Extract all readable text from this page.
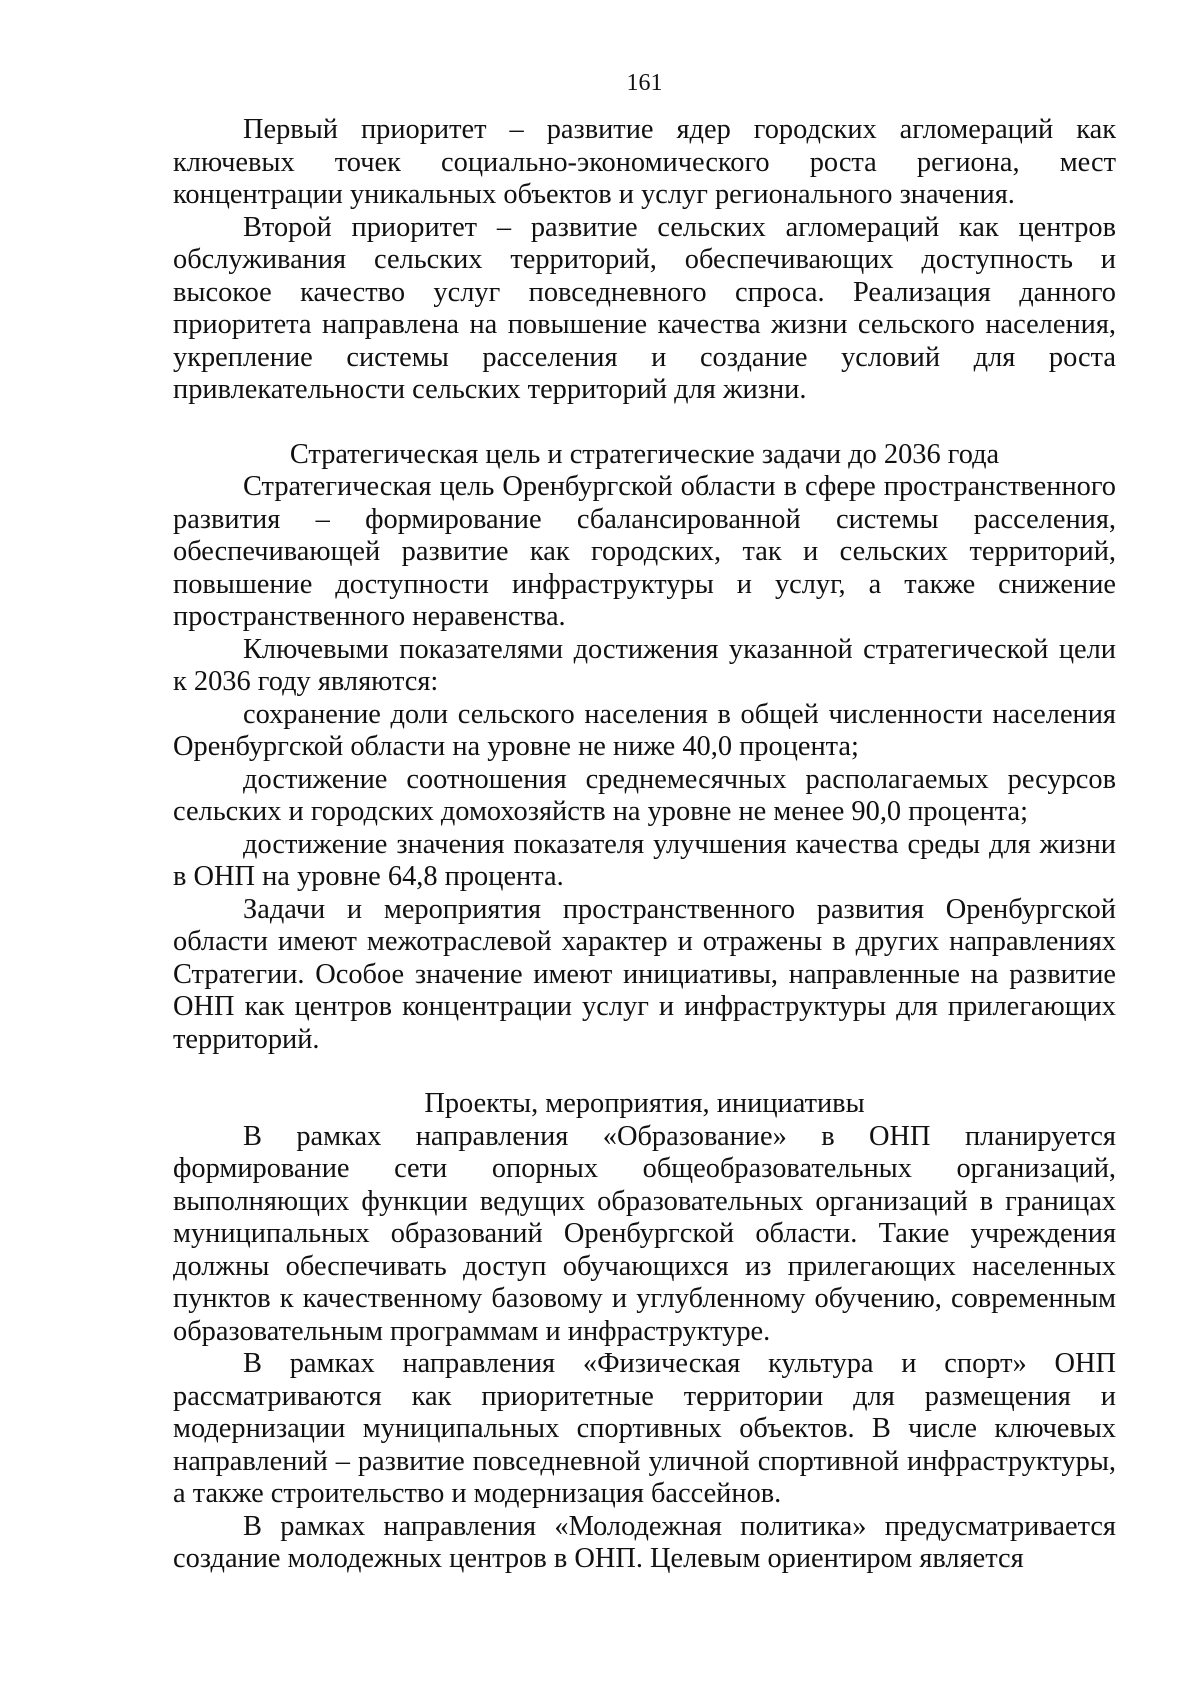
161

Первый приоритет – развитие ядер городских агломераций как ключевых точек социально-экономического роста региона, мест концентрации уникальных объектов и услуг регионального значения.

Второй приоритет – развитие сельских агломераций как центров обслуживания сельских территорий, обеспечивающих доступность и высокое качество услуг повседневного спроса. Реализация данного приоритета направлена на повышение качества жизни сельского населения, укрепление системы расселения и создание условий для роста привлекательности сельских территорий для жизни.

Стратегическая цель и стратегические задачи до 2036 года

Стратегическая цель Оренбургской области в сфере пространственного развития – формирование сбалансированной системы расселения, обеспечивающей развитие как городских, так и сельских территорий, повышение доступности инфраструктуры и услуг, а также снижение пространственного неравенства.

Ключевыми показателями достижения указанной стратегической цели к 2036 году являются:

сохранение доли сельского населения в общей численности населения Оренбургской области на уровне не ниже 40,0 процента;

достижение соотношения среднемесячных располагаемых ресурсов сельских и городских домохозяйств на уровне не менее 90,0 процента;

достижение значения показателя улучшения качества среды для жизни в ОНП на уровне 64,8 процента.

Задачи и мероприятия пространственного развития Оренбургской области имеют межотраслевой характер и отражены в других направлениях Стратегии. Особое значение имеют инициативы, направленные на развитие ОНП как центров концентрации услуг и инфраструктуры для прилегающих территорий.

Проекты, мероприятия, инициативы

В рамках направления «Образование» в ОНП планируется формирование сети опорных общеобразовательных организаций, выполняющих функции ведущих образовательных организаций в границах муниципальных образований Оренбургской области. Такие учреждения должны обеспечивать доступ обучающихся из прилегающих населенных пунктов к качественному базовому и углубленному обучению, современным образовательным программам и инфраструктуре.

В рамках направления «Физическая культура и спорт» ОНП рассматриваются как приоритетные территории для размещения и модернизации муниципальных спортивных объектов. В числе ключевых направлений – развитие повседневной уличной спортивной инфраструктуры, а также строительство и модернизация бассейнов.

В рамках направления «Молодежная политика» предусматривается создание молодежных центров в ОНП. Целевым ориентиром является
